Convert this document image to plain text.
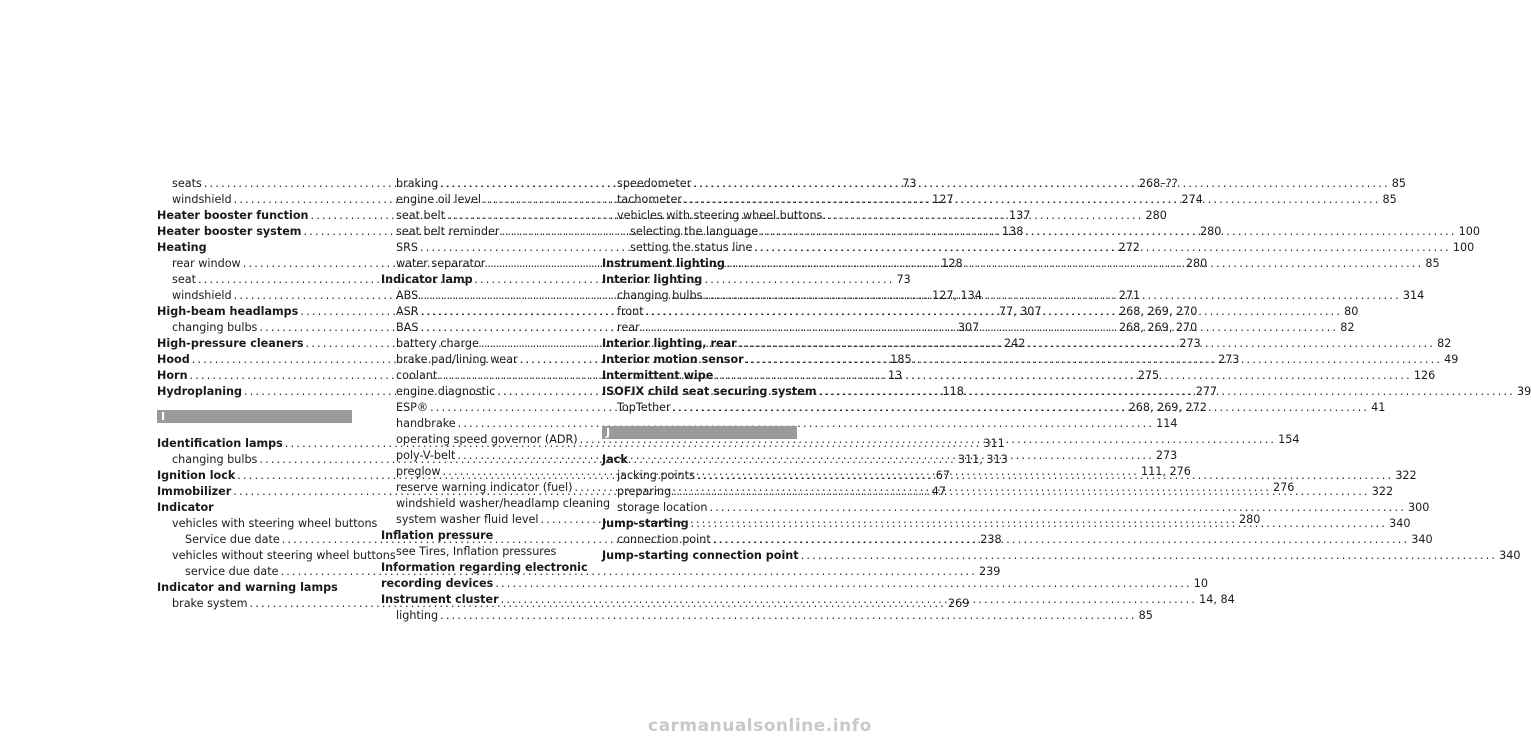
seats .....	73
windshield .....	127
Heater booster function .....	137
Heater booster system .....	138
Heating
rear window .....	128
seat .....	73
windshield .....	127, 134
High-beam headlamps .....	77, 307
changing bulbs .....	307
High-pressure cleaners .....	242
Hood .....	185
Horn .....	13
Hydroplaning .....	118
I
Identification lamps .....	311
changing bulbs .....	311, 313
Ignition lock .....	67
Immobilizer .....	47
Indicator
vehicles with steering wheel buttons
Service due date .....	238
vehicles without steering wheel buttons
service due date .....	239
Indicator and warning lamps
brake system .....	269
braking .....	268–??
engine oil level .....	274
seat belt .....	280
seat belt reminder .....	280
SRS .....	272
water separator .....	280
Indicator lamp
ABS .....	271
ASR .....	268, 269, 270
BAS .....	268, 269, 270
battery charge .....	273
brake pad/lining wear .....	273
coolant .....	275
engine diagnostic .....	277
ESP® .....	268, 269, 272
handbrake .....	114
operating speed governor (ADR) .....	154
poly-V-belt .....	273
preglow .....	111, 276
reserve warning indicator (fuel) .....	276
windshield washer/headlamp cleaning
system washer fluid level .....	280
Inflation pressure
see Tires, Inflation pressures
Information regarding electronic
recording devices .....	10
Instrument cluster .....	14, 84
lighting .....	85
speedometer .....	85
tachometer .....	85
vehicles with steering wheel buttons
selecting the language .....	100
setting the status line .....	100
Instrument lighting .....	85
Interior lighting
changing bulbs .....	314
front .....	80
rear .....	82
Interior lighting, rear .....	82
Interior motion sensor .....	49
Intermittent wipe .....	126
ISOFIX child seat securing system .....	39
TopTether .....	41
J
Jack
jacking points .....	322
preparing .....	322
storage location .....	300
Jump-starting .....	340
connection point .....	340
Jump-starting connection point .....	340
carmanualsonline.info
